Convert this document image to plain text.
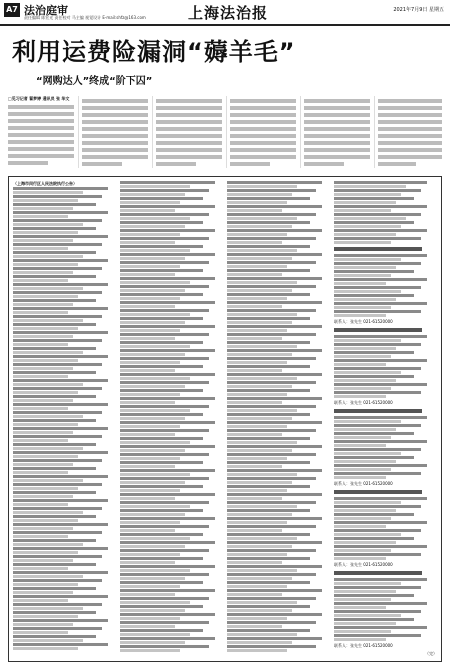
A7 法治庭审
责任编辑 陈宏光 责任校对 马主编 视觉设计 E-mail:shfz@163.com	上海法治报	2021年7月9日 星期五
利用运费险漏洞“薅羊毛”
“网购达人”终成“阶下囚”
□见习记者 翟梦婷 通讯员 张 华文
（上海市闵行区人民法院执行公告）
联系人：张先生 021-61520000
联系人：张先生 021-61520000
联系人：张先生 021-61520000
联系人：张先生 021-61520000
联系人：张先生 021-61520000
（完）
